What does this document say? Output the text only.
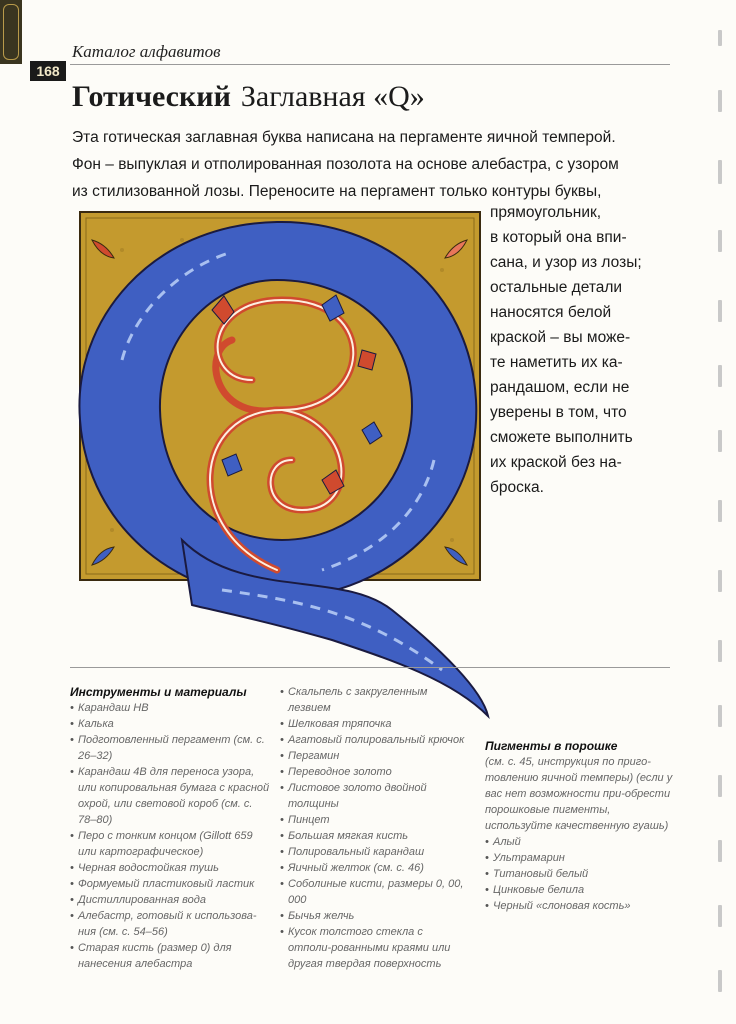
Каталог алфавитов
168
Готический Заглавная «Q»

Эта готическая заглавная буква написана на пергаменте яичной темперой.

Фон – выпуклая и отполированная позолота на основе алебастра, с узором

из стилизованной лозы. Переносите на пергамент только контуры буквы,

прямоугольник,

в который она впи-

сана, и узор из лозы;

остальные детали

наносятся белой

краской – вы може-

те наметить их ка-

рандашом, если не

уверены в том, что

сможете выполнить

их краской без на-

броска.

Инструменты и материалы
• Карандаш НВ
• Калька
• Подготовленный пергамент (см. с. 26–32)
• Карандаш 4В для переноса узора, или копировальная бумага с красной охрой, или световой короб (см. с. 78–80)
• Перо с тонким концом (Gillott 659 или картографическое)
• Черная водостойкая тушь
• Формуемый пластиковый ластик
• Дистиллированная вода
• Алебастр, готовый к использова-ния (см. с. 54–56)
• Старая кисть (размер 0) для нанесения алебастра
• Скальпель с закругленным лезвием
• Шелковая тряпочка
• Агатовый полировальный крючок
• Пергамин
• Переводное золото
• Листовое золото двойной толщины
• Пинцет
• Большая мягкая кисть
• Полировальный карандаш
• Яичный желток (см. с. 46)
• Соболиные кисти, размеры 0, 00, 000
• Бычья желчь
• Кусок толстого стекла с отполи-рованными краями или другая твердая поверхность
Пигменты в порошке
(см. с. 45, инструкция по приго-товлению яичной темперы) (если у вас нет возможности при-обрести порошковые пигменты, используйте качественную гуашь)
• Алый
• Ультрамарин
• Титановый белый
• Цинковые белила
• Черный «слоновая кость»
